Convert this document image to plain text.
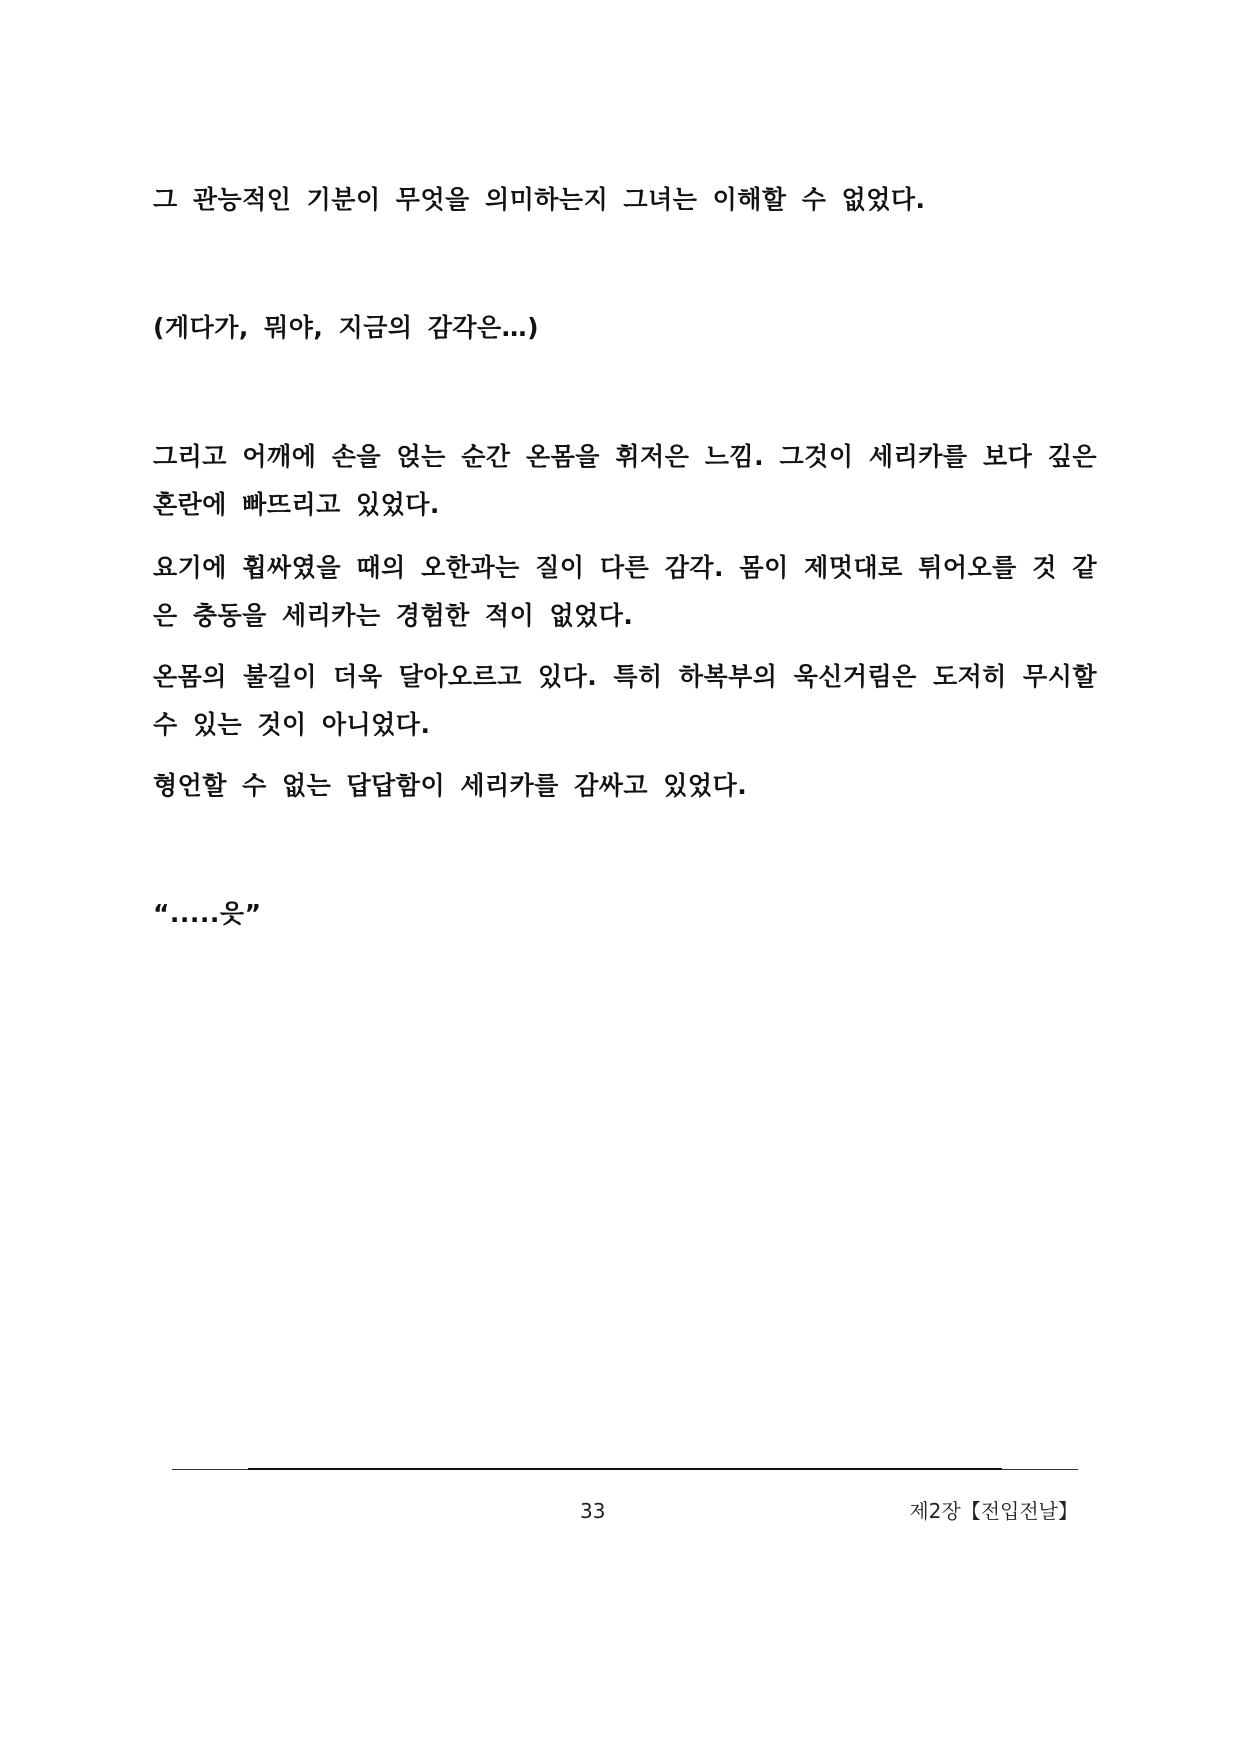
그 관능적인 기분이 무엇을 의미하는지 그녀는 이해할 수 없었다.
(게다가, 뭐야, 지금의 감각은…)
그리고 어깨에 손을 얹는 순간 온몸을 휘저은 느낌. 그것이 세리카를 보다 깊은 혼란에 빠뜨리고 있었다.
요기에 휩싸였을 때의 오한과는 질이 다른 감각. 몸이 제멋대로 튀어오를 것 같은 충동을 세리카는 경험한 적이 없었다.
온몸의 불길이 더욱 달아오르고 있다. 특히 하복부의 욱신거림은 도저히 무시할 수 있는 것이 아니었다.
형언할 수 없는 답답함이 세리카를 감싸고 있었다.
“.....읏”
33	제2장【전입전날】
